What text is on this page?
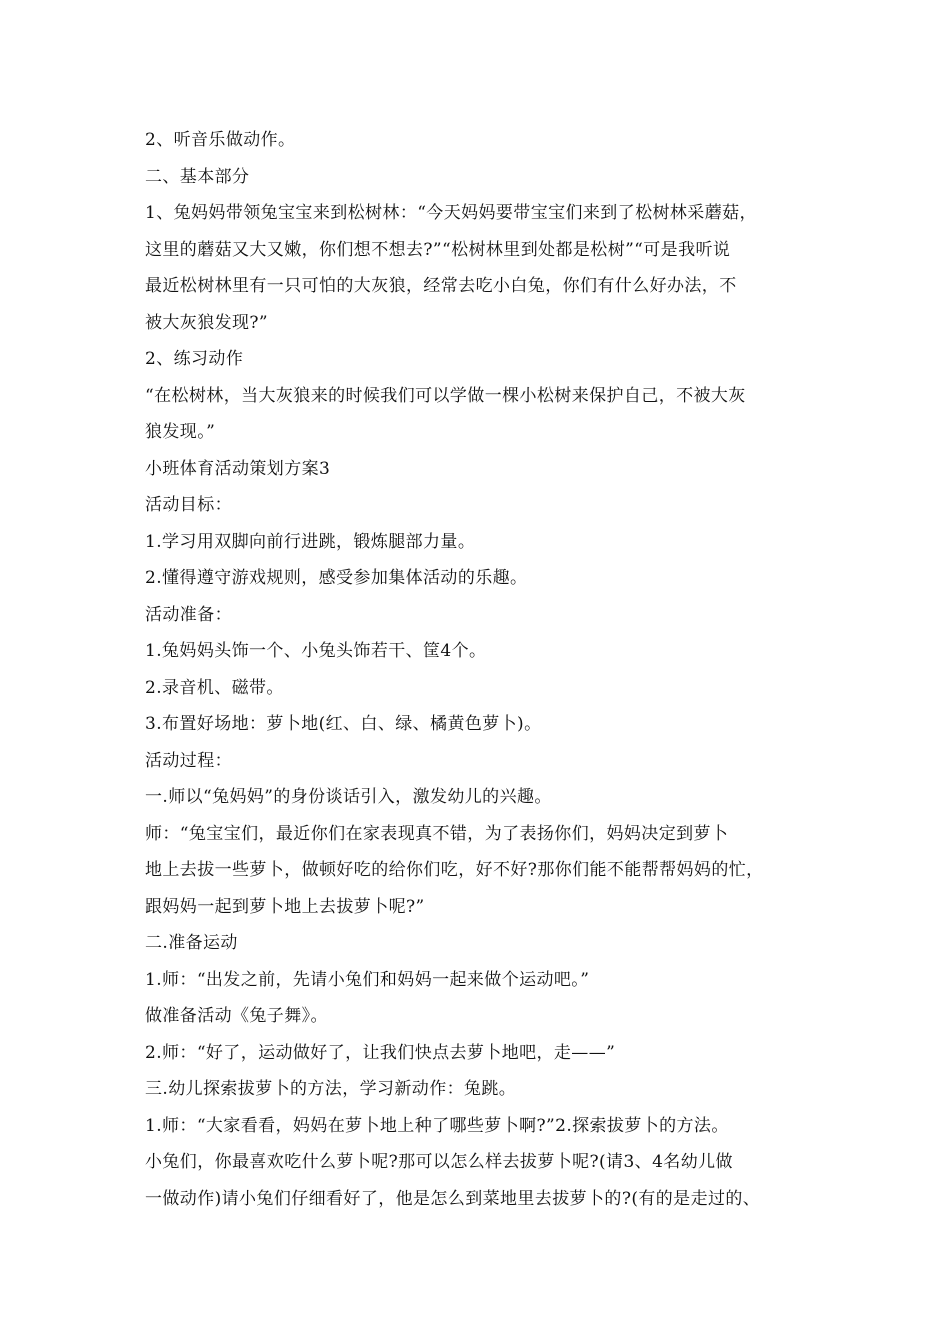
2、听音乐做动作。
二、基本部分
1、兔妈妈带领兔宝宝来到松树林：“今天妈妈要带宝宝们来到了松树林采蘑菇，
这里的蘑菇又大又嫩，你们想不想去?”“松树林里到处都是松树”“可是我听说
最近松树林里有一只可怕的大灰狼，经常去吃小白兔，你们有什么好办法，不
被大灰狼发现?”
2、练习动作
“在松树林，当大灰狼来的时候我们可以学做一棵小松树来保护自己，不被大灰
狼发现。”
小班体育活动策划方案3
活动目标：
1.学习用双脚向前行进跳，锻炼腿部力量。
2.懂得遵守游戏规则，感受参加集体活动的乐趣。
活动准备：
1.兔妈妈头饰一个、小兔头饰若干、筐4个。
2.录音机、磁带。
3.布置好场地：萝卜地(红、白、绿、橘黄色萝卜)。
活动过程：
一.师以“兔妈妈”的身份谈话引入，激发幼儿的兴趣。
师：“兔宝宝们，最近你们在家表现真不错，为了表扬你们，妈妈决定到萝卜
地上去拔一些萝卜，做顿好吃的给你们吃，好不好?那你们能不能帮帮妈妈的忙，
跟妈妈一起到萝卜地上去拔萝卜呢?”
二.准备运动
1.师：“出发之前，先请小兔们和妈妈一起来做个运动吧。”
做准备活动《兔子舞》。
2.师：“好了，运动做好了，让我们快点去萝卜地吧，走——”
三.幼儿探索拔萝卜的方法，学习新动作：兔跳。
1.师：“大家看看，妈妈在萝卜地上种了哪些萝卜啊?”2.探索拔萝卜的方法。
小兔们，你最喜欢吃什么萝卜呢?那可以怎么样去拔萝卜呢?(请3、4名幼儿做
一做动作)请小兔们仔细看好了，他是怎么到菜地里去拔萝卜的?(有的是走过的、
